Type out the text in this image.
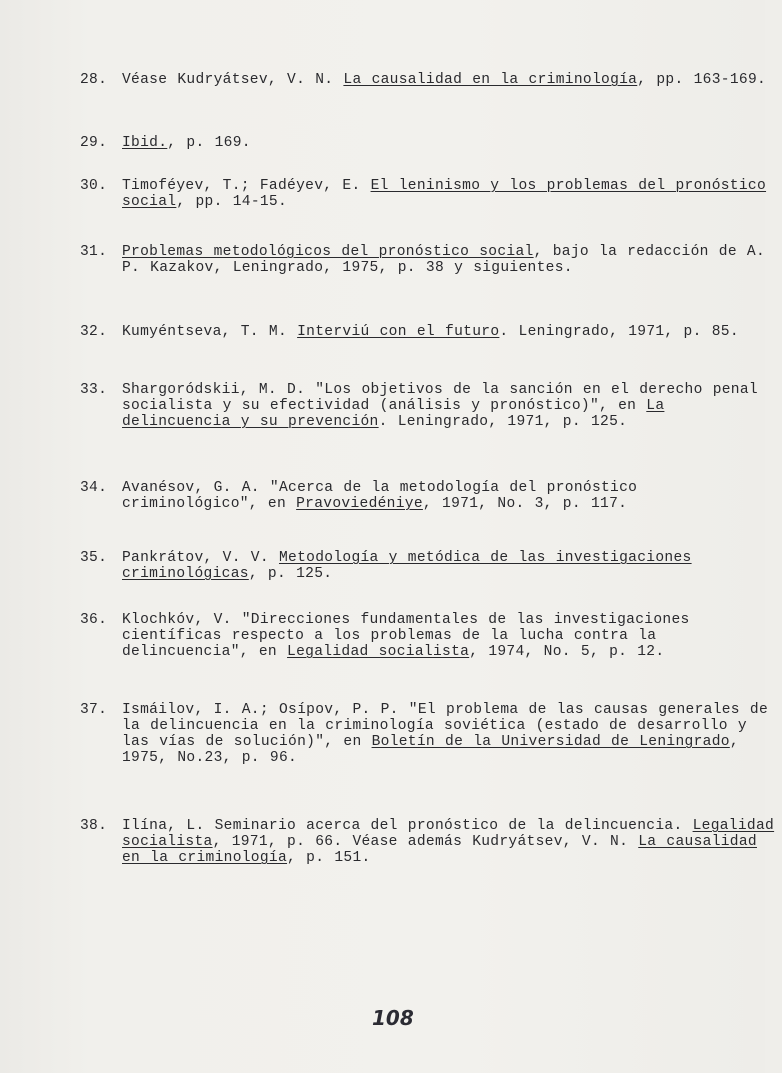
28. Véase Kudryátsev, V. N. La causalidad en la criminología, pp. 163-169.
29. Ibid., p. 169.
30. Timoféyev, T.; Fadéyev, E. El leninismo y los problemas del pronóstico social, pp. 14-15.
31. Problemas metodológicos del pronóstico social, bajo la redacción de A. P. Kazakov, Leningrado, 1975, p. 38 y siguientes.
32. Kumyéntseva, T. M. Interviú con el futuro. Leningrado, 1971, p. 85.
33. Shargoródskii, M. D. "Los objetivos de la sanción en el derecho penal socialista y su efectividad (análisis y pronóstico)", en La delincuencia y su prevención. Leningrado, 1971, p. 125.
34. Avanésov, G. A. "Acerca de la metodología del pronóstico criminológico", en Pravoviedéniye, 1971, No. 3, p. 117.
35. Pankrátov, V. V. Metodología y metódica de las investigaciones criminológicas, p. 125.
36. Klochkóv, V. "Direcciones fundamentales de las investigaciones científicas respecto a los problemas de la lucha contra la delincuencia", en Legalidad socialista, 1974, No. 5, p. 12.
37. Ismáilov, I. A.; Osípov, P. P. "El problema de las causas generales de la delincuencia en la criminología soviética (estado de desarrollo y las vías de solución)", en Boletín de la Universidad de Leningrado, 1975, No.23, p. 96.
38. Ilína, L. Seminario acerca del pronóstico de la delincuencia. Legalidad socialista, 1971, p. 66. Véase además Kudryátsev, V. N. La causalidad en la criminología, p. 151.
108
